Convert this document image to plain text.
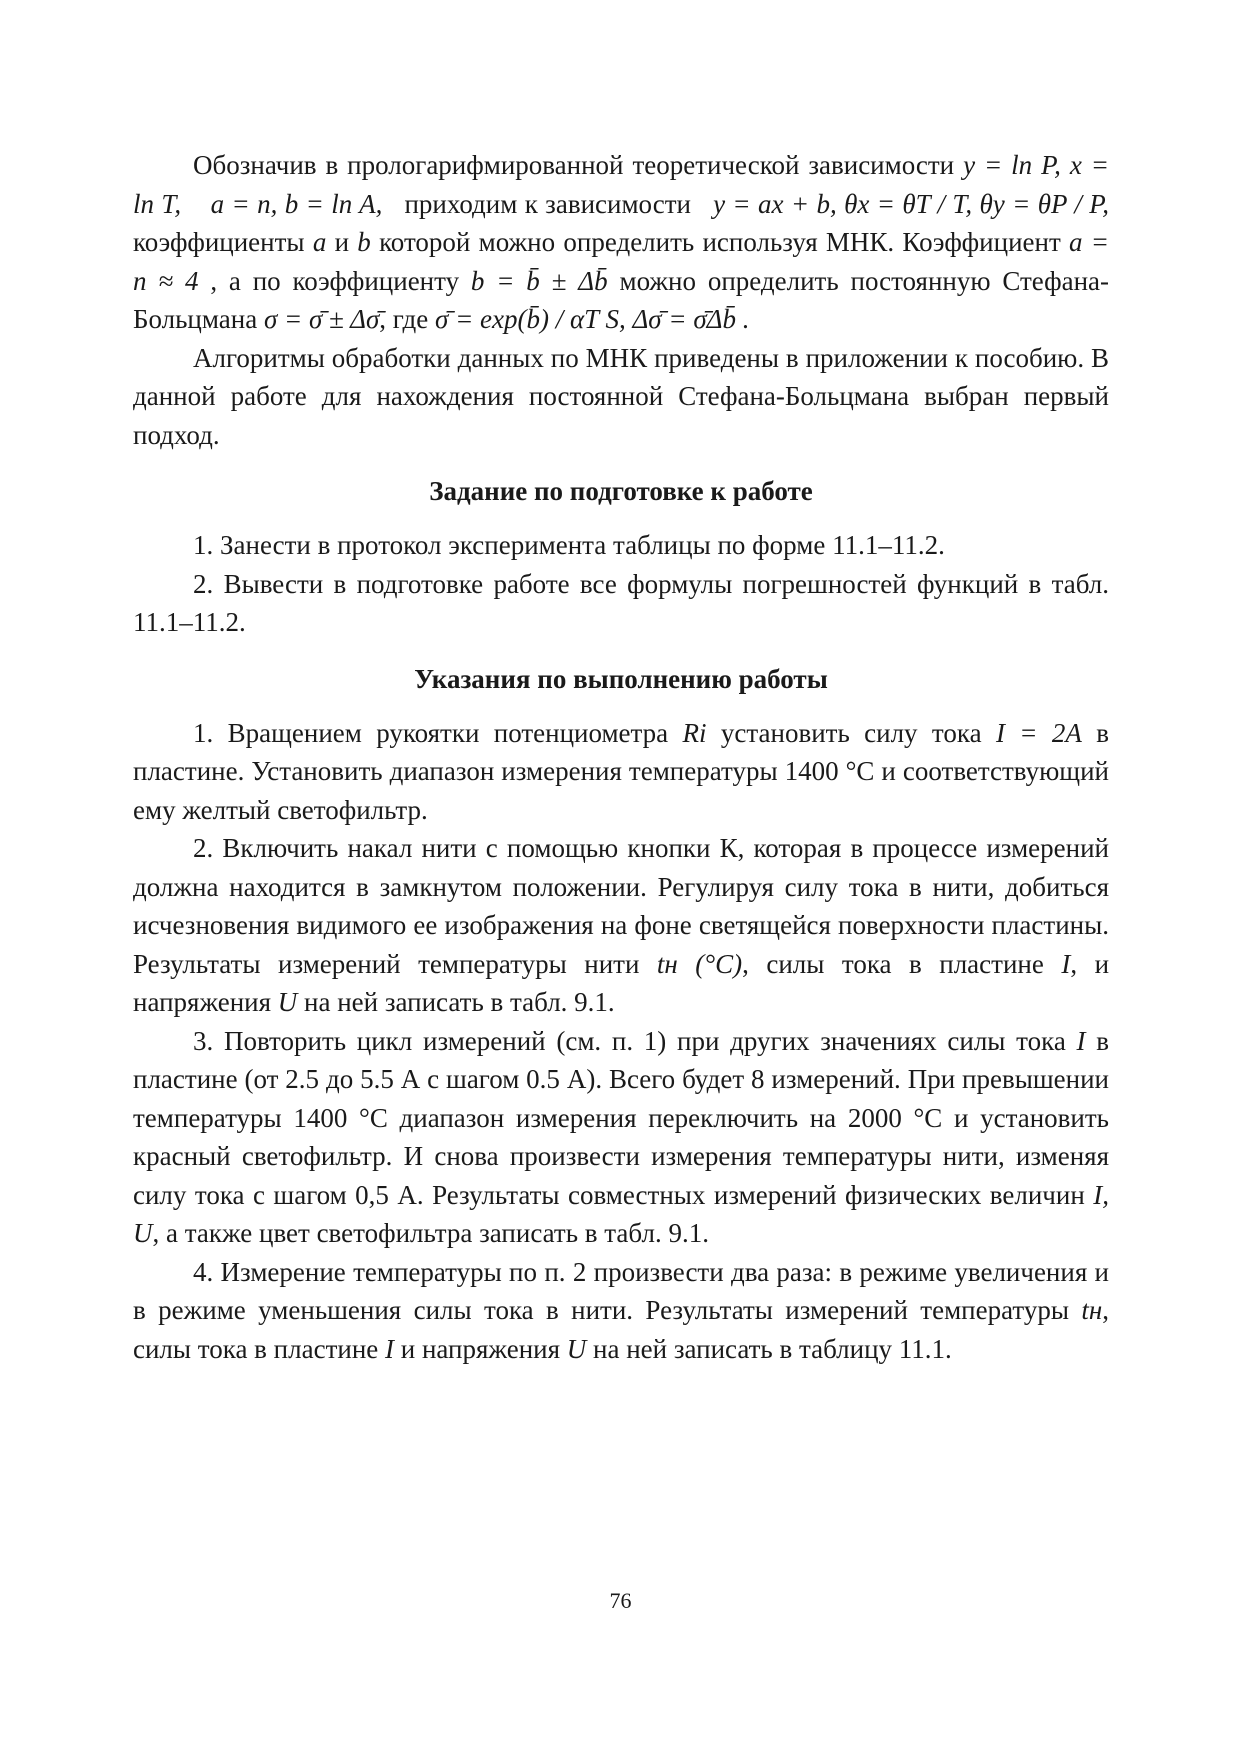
Обозначив в прологарифмированной теоретической зависимости y = ln P, x = ln T, a = n, b = ln A, приходим к зависимости y = ax + b, θx = θT / T, θy = θP / P, коэффициенты a и b которой можно определить используя МНК. Коэффициент a = n ≈ 4 , а по коэффициенту b = b̄ ± Δb̄ можно определить постоянную Стефана-Больцмана σ = σ̄ ± Δσ̄, где σ̄ = exp(b̄) / αT S, Δσ̄ = σ̄Δb̄ .

Алгоритмы обработки данных по МНК приведены в приложении к пособию. В данной работе для нахождения постоянной Стефана-Больцмана выбран первый подход.

Задание по подготовке к работе

1. Занести в протокол эксперимента таблицы по форме 11.1–11.2.

2. Вывести в подготовке работе все формулы погрешностей функций в табл. 11.1–11.2.

Указания по выполнению работы

1. Вращением рукоятки потенциометра Ri установить силу тока I = 2A в пластине. Установить диапазон измерения температуры 1400 °С и соответствующий ему желтый светофильтр.

2. Включить накал нити с помощью кнопки К, которая в процессе измерений должна находится в замкнутом положении. Регулируя силу тока в нити, добиться исчезновения видимого ее изображения на фоне светящейся поверхности пластины. Результаты измерений температуры нити tн (°С), силы тока в пластине I, и напряжения U на ней записать в табл. 9.1.

3. Повторить цикл измерений (см. п. 1) при других значениях силы тока I в пластине (от 2.5 до 5.5 А с шагом 0.5 А). Всего будет 8 измерений. При превышении температуры 1400 °С диапазон измерения переключить на 2000 °С и установить красный светофильтр. И снова произвести измерения температуры нити, изменяя силу тока с шагом 0,5 А. Результаты совместных измерений физических величин I, U, а также цвет светофильтра записать в табл. 9.1.

4. Измерение температуры по п. 2 произвести два раза: в режиме увеличения и в режиме уменьшения силы тока в нити. Результаты измерений температуры tн, силы тока в пластине I и напряжения U на ней записать в таблицу 11.1.

76
